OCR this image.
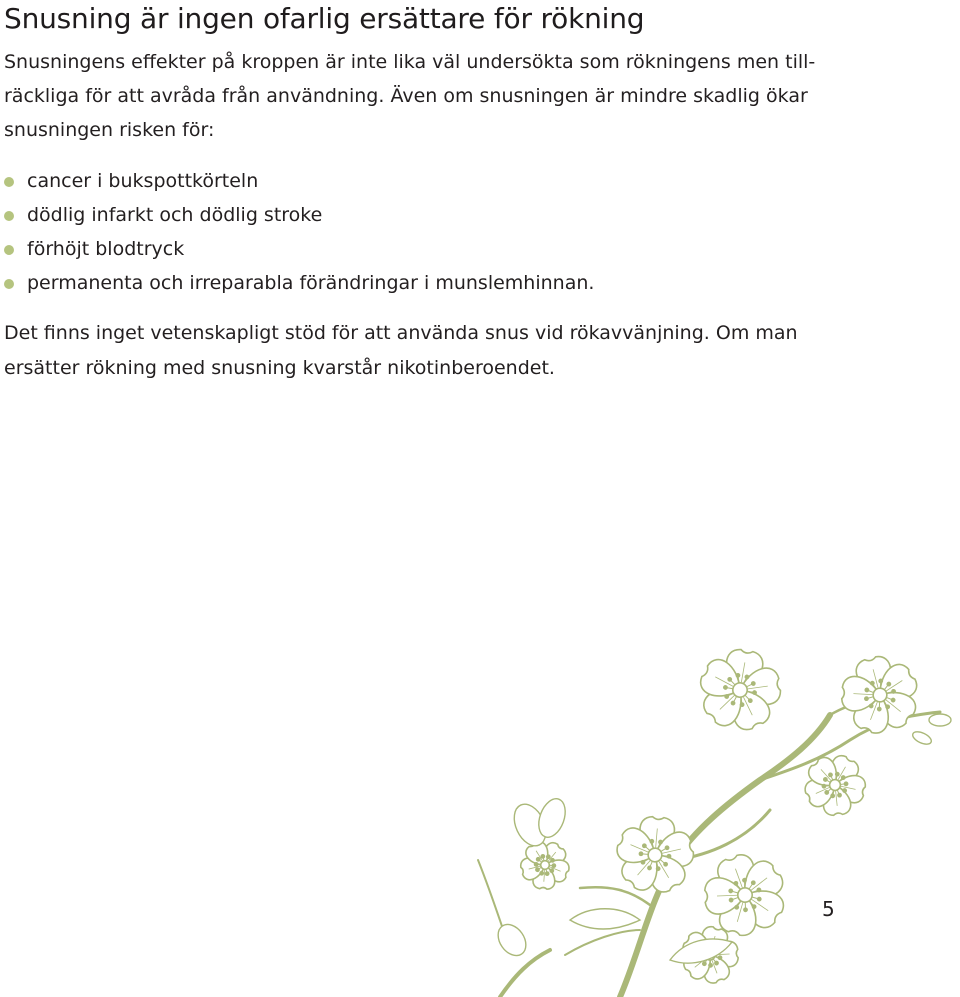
Snusning är ingen ofarlig ersättare för rökning

Snusningens effekter på kroppen är inte lika väl undersökta som rökningens men till-
räckliga för att avråda från användning. Även om snusningen är mindre skadlig ökar
snusningen risken för:

cancer i bukspottkörteln
dödlig infarkt och dödlig stroke
förhöjt blodtryck
permanenta och irreparabla förändringar i munslemhinnan.

Det finns inget vetenskapligt stöd för att använda snus vid rökavvänjning. Om man
ersätter rökning med snusning kvarstår nikotinberoendet.

5
